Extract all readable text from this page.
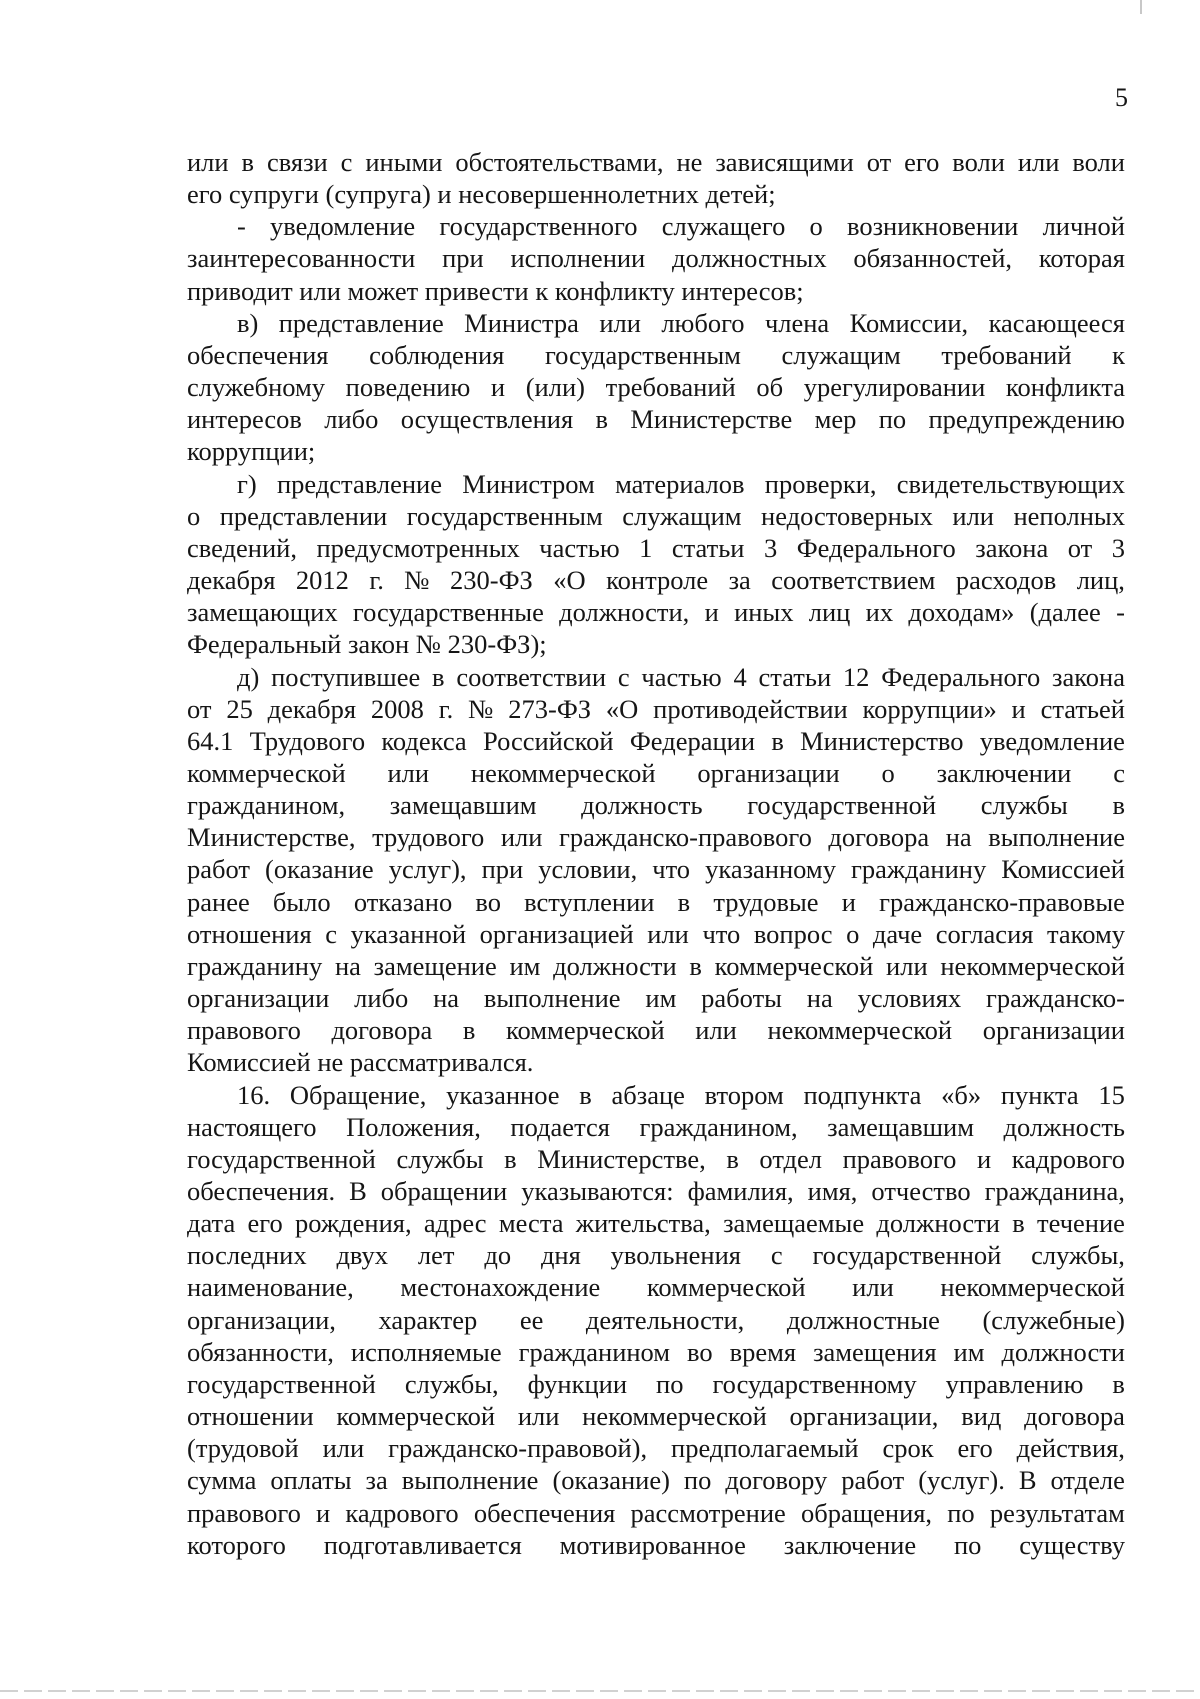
5

или в связи с иными обстоятельствами, не зависящими от его воли или воли
его супруги (супруга) и несовершеннолетних детей;

- уведомление государственного служащего о возникновении личной
заинтересованности при исполнении должностных обязанностей, которая
приводит или может привести к конфликту интересов;

в) представление Министра или любого члена Комиссии, касающееся
обеспечения соблюдения государственным служащим требований к
служебному поведению и (или) требований об урегулировании конфликта
интересов либо осуществления в Министерстве мер по предупреждению
коррупции;

г) представление Министром материалов проверки, свидетельствующих
о представлении государственным служащим недостоверных или неполных
сведений, предусмотренных частью 1 статьи 3 Федерального закона от 3
декабря 2012 г. № 230-ФЗ «О контроле за соответствием расходов лиц,
замещающих государственные должности, и иных лиц их доходам» (далее -
Федеральный закон № 230-ФЗ);

д) поступившее в соответствии с частью 4 статьи 12 Федерального закона
от 25 декабря 2008 г. № 273-ФЗ «О противодействии коррупции» и статьей
64.1 Трудового кодекса Российской Федерации в Министерство уведомление
коммерческой или некоммерческой организации о заключении с
гражданином, замещавшим должность государственной службы в
Министерстве, трудового или гражданско-правового договора на выполнение
работ (оказание услуг), при условии, что указанному гражданину Комиссией
ранее было отказано во вступлении в трудовые и гражданско-правовые
отношения с указанной организацией или что вопрос о даче согласия такому
гражданину на замещение им должности в коммерческой или некоммерческой
организации либо на выполнение им работы на условиях гражданско-
правового договора в коммерческой или некоммерческой организации
Комиссией не рассматривался.

16. Обращение, указанное в абзаце втором подпункта «б» пункта 15
настоящего Положения, подается гражданином, замещавшим должность
государственной службы в Министерстве, в отдел правового и кадрового
обеспечения. В обращении указываются: фамилия, имя, отчество гражданина,
дата его рождения, адрес места жительства, замещаемые должности в течение
последних двух лет до дня увольнения с государственной службы,
наименование, местонахождение коммерческой или некоммерческой
организации, характер ее деятельности, должностные (служебные)
обязанности, исполняемые гражданином во время замещения им должности
государственной службы, функции по государственному управлению в
отношении коммерческой или некоммерческой организации, вид договора
(трудовой или гражданско-правовой), предполагаемый срок его действия,
сумма оплаты за выполнение (оказание) по договору работ (услуг). В отделе
правового и кадрового обеспечения рассмотрение обращения, по результатам
которого подготавливается мотивированное заключение по существу
